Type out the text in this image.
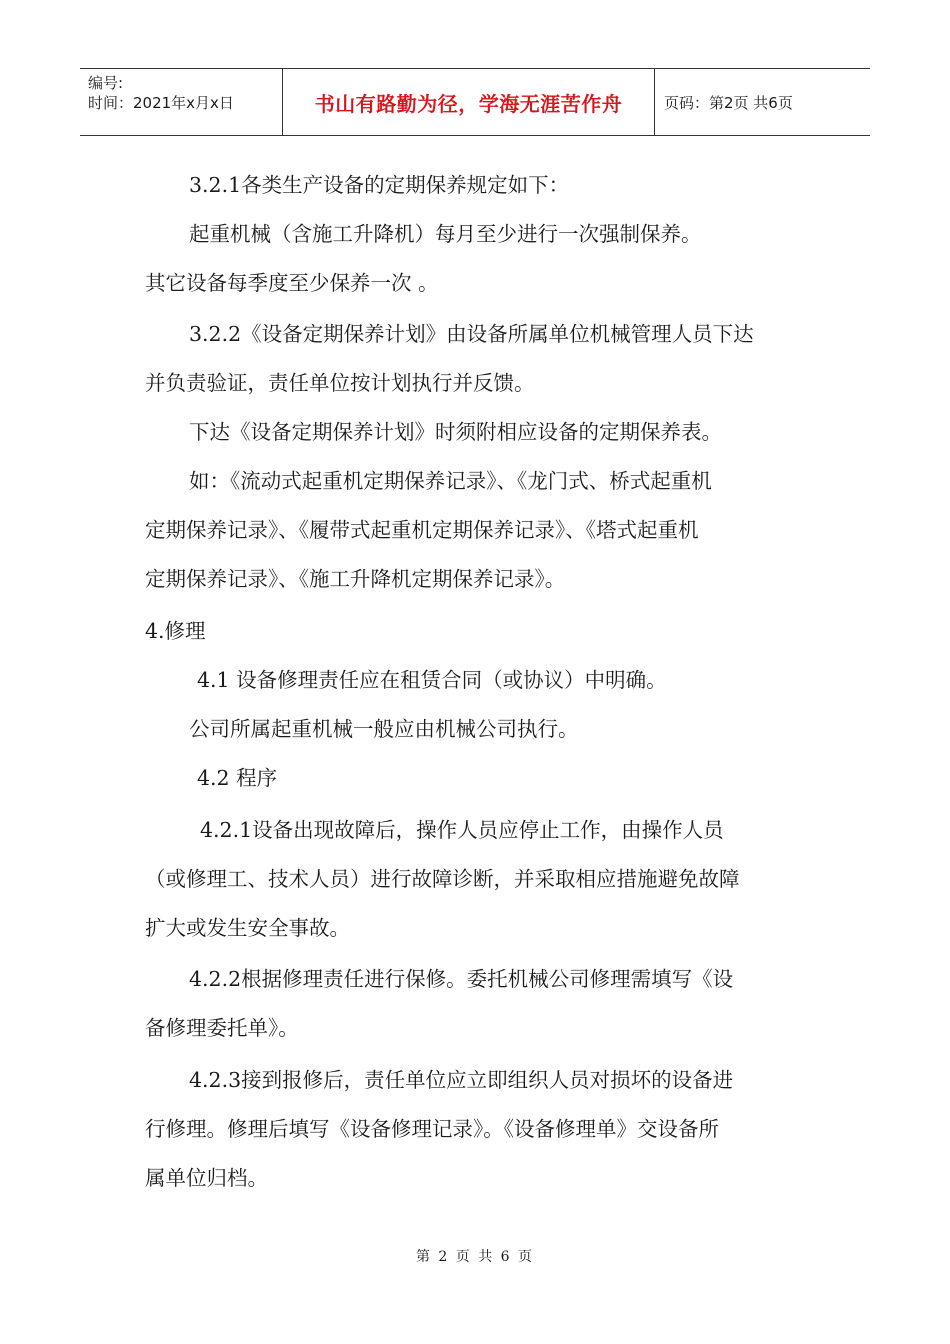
编号:
时间：2021年x月x日	书山有路勤为径，学海无涯苦作舟	页码：第2页 共6页

3.2.1各类生产设备的定期保养规定如下：
起重机械（含施工升降机）每月至少进行一次强制保养。
其它设备每季度至少保养一次 。

3.2.2《设备定期保养计划》由设备所属单位机械管理人员下达
并负责验证，责任单位按计划执行并反馈。
下达《设备定期保养计划》时须附相应设备的定期保养表。
如：《流动式起重机定期保养记录》、《龙门式、桥式起重机
定期保养记录》、《履带式起重机定期保养记录》、《塔式起重机
定期保养记录》、《施工升降机定期保养记录》。

4.修理
4.1 设备修理责任应在租赁合同（或协议）中明确。
公司所属起重机械一般应由机械公司执行。
4.2 程序

4.2.1设备出现故障后，操作人员应停止工作，由操作人员
（或修理工、技术人员）进行故障诊断，并采取相应措施避免故障
扩大或发生安全事故。

4.2.2根据修理责任进行保修。委托机械公司修理需填写《设
备修理委托单》。

4.2.3接到报修后，责任单位应立即组织人员对损坏的设备进
行修理。修理后填写《设备修理记录》。《设备修理单》交设备所
属单位归档。

第 2 页 共 6 页
